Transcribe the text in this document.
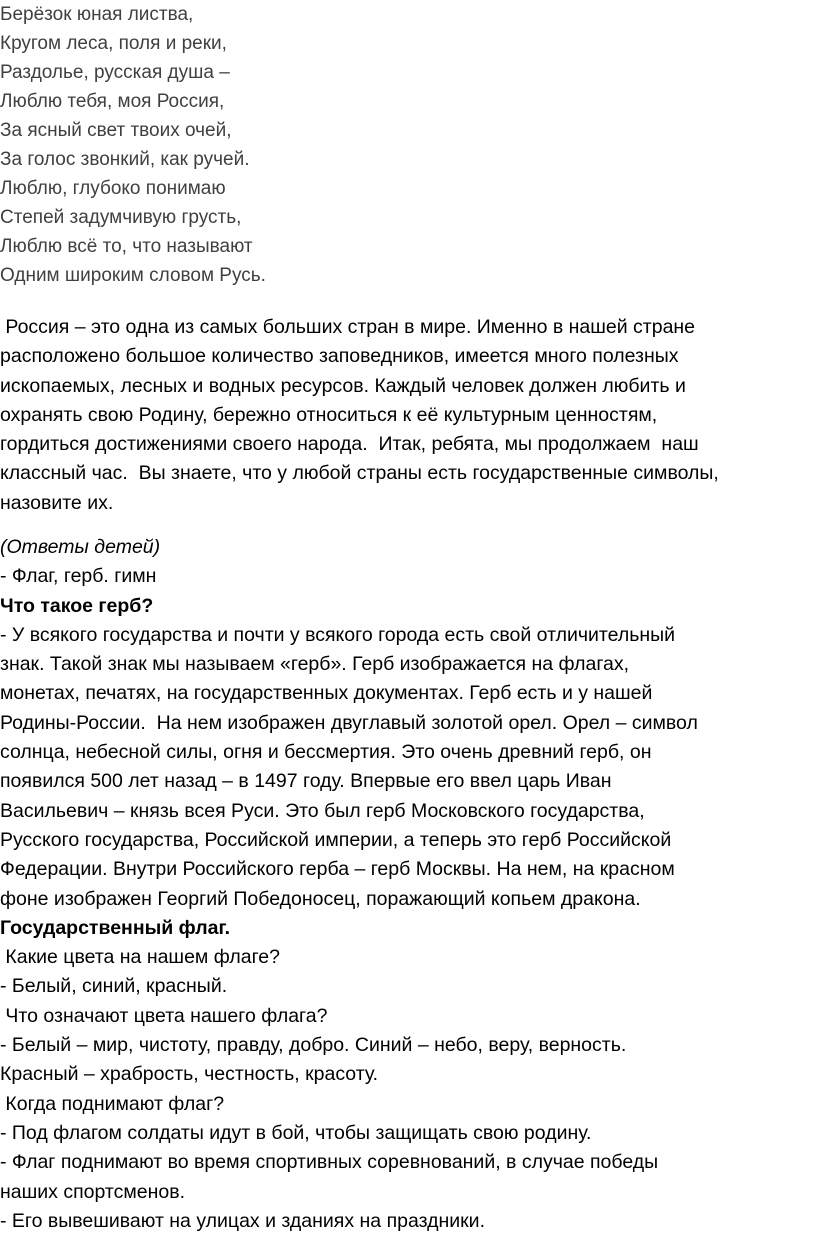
Берёзок юная листва,
Кругом леса, поля и реки,
Раздолье, русская душа –
Люблю тебя, моя Россия,
За ясный свет твоих очей,
За голос звонкий, как ручей.
Люблю, глубоко понимаю
Степей задумчивую грусть,
Люблю всё то, что называют
Одним широким словом Русь.
Россия – это одна из самых больших стран в мире. Именно в нашей стране
расположено большое количество заповедников, имеется много полезных
ископаемых, лесных и водных ресурсов. Каждый человек должен любить и
охранять свою Родину, бережно относиться к её культурным ценностям,
гордиться достижениями своего народа.  Итак, ребята, мы продолжаем  наш
классный час.  Вы знаете, что у любой страны есть государственные символы,
назовите их.
(Ответы детей)
- Флаг, герб. гимн
Что такое герб?
- У всякого государства и почти у всякого города есть свой отличительный
знак. Такой знак мы называем «герб». Герб изображается на флагах,
монетах, печатях, на государственных документах. Герб есть и у нашей
Родины-России.  На нем изображен двуглавый золотой орел. Орел – символ
солнца, небесной силы, огня и бессмертия. Это очень древний герб, он
появился 500 лет назад – в 1497 году. Впервые его ввел царь Иван
Васильевич – князь всея Руси. Это был герб Московского государства,
Русского государства, Российской империи, а теперь это герб Российской
Федерации. Внутри Российского герба – герб Москвы. На нем, на красном
фоне изображен Георгий Победоносец, поражающий копьем дракона.
Государственный флаг.
Какие цвета на нашем флаге?
- Белый, синий, красный.
Что означают цвета нашего флага?
- Белый – мир, чистоту, правду, добро. Синий – небо, веру, верность.
Красный – храбрость, честность, красоту.
Когда поднимают флаг?
- Под флагом солдаты идут в бой, чтобы защищать свою родину.
- Флаг поднимают во время спортивных соревнований, в случае победы
наших спортсменов.
- Его вывешивают на улицах и зданиях на праздники.
